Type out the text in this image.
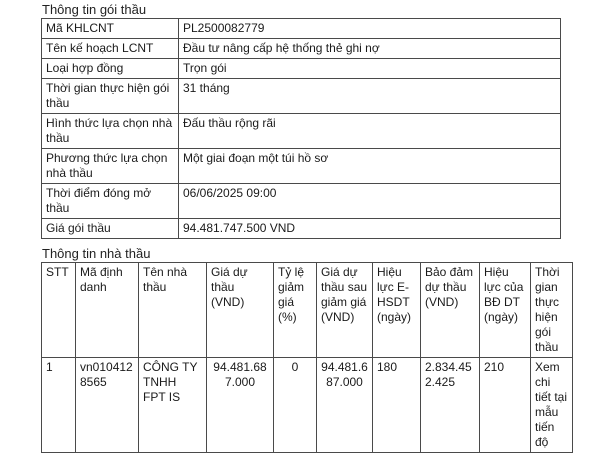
Thông tin gói thầu
Mã KHLCNT	PL2500082779
Tên kế hoạch LCNT	Đầu tư nâng cấp hệ thống thẻ ghi nợ
Loại hợp đồng	Trọn gói
Thời gian thực hiện gói thầu	31 tháng
Hình thức lựa chọn nhà thầu	Đấu thầu rộng rãi
Phương thức lựa chọn nhà thầu	Một giai đoạn một túi hồ sơ
Thời điểm đóng mở thầu	06/06/2025 09:00
Giá gói thầu	94.481.747.500 VND
Thông tin nhà thầu
STT	Mã định danh	Tên nhà thầu	Giá dự thầu (VND)	Tỷ lệ giảm giá (%)	Giá dự thầu sau giảm giá (VND)	Hiệu lực E-HSDT (ngày)	Bảo đảm dự thầu (VND)	Hiệu lực của BĐ DT (ngày)	Thời gian thực hiện gói thầu
1	vn0104128565	CÔNG TY TNHH FPT IS	94.481.687.000	0	94.481.687.000	180	2.834.452.425	210	Xem chi tiết tại mẫu tiến độ
